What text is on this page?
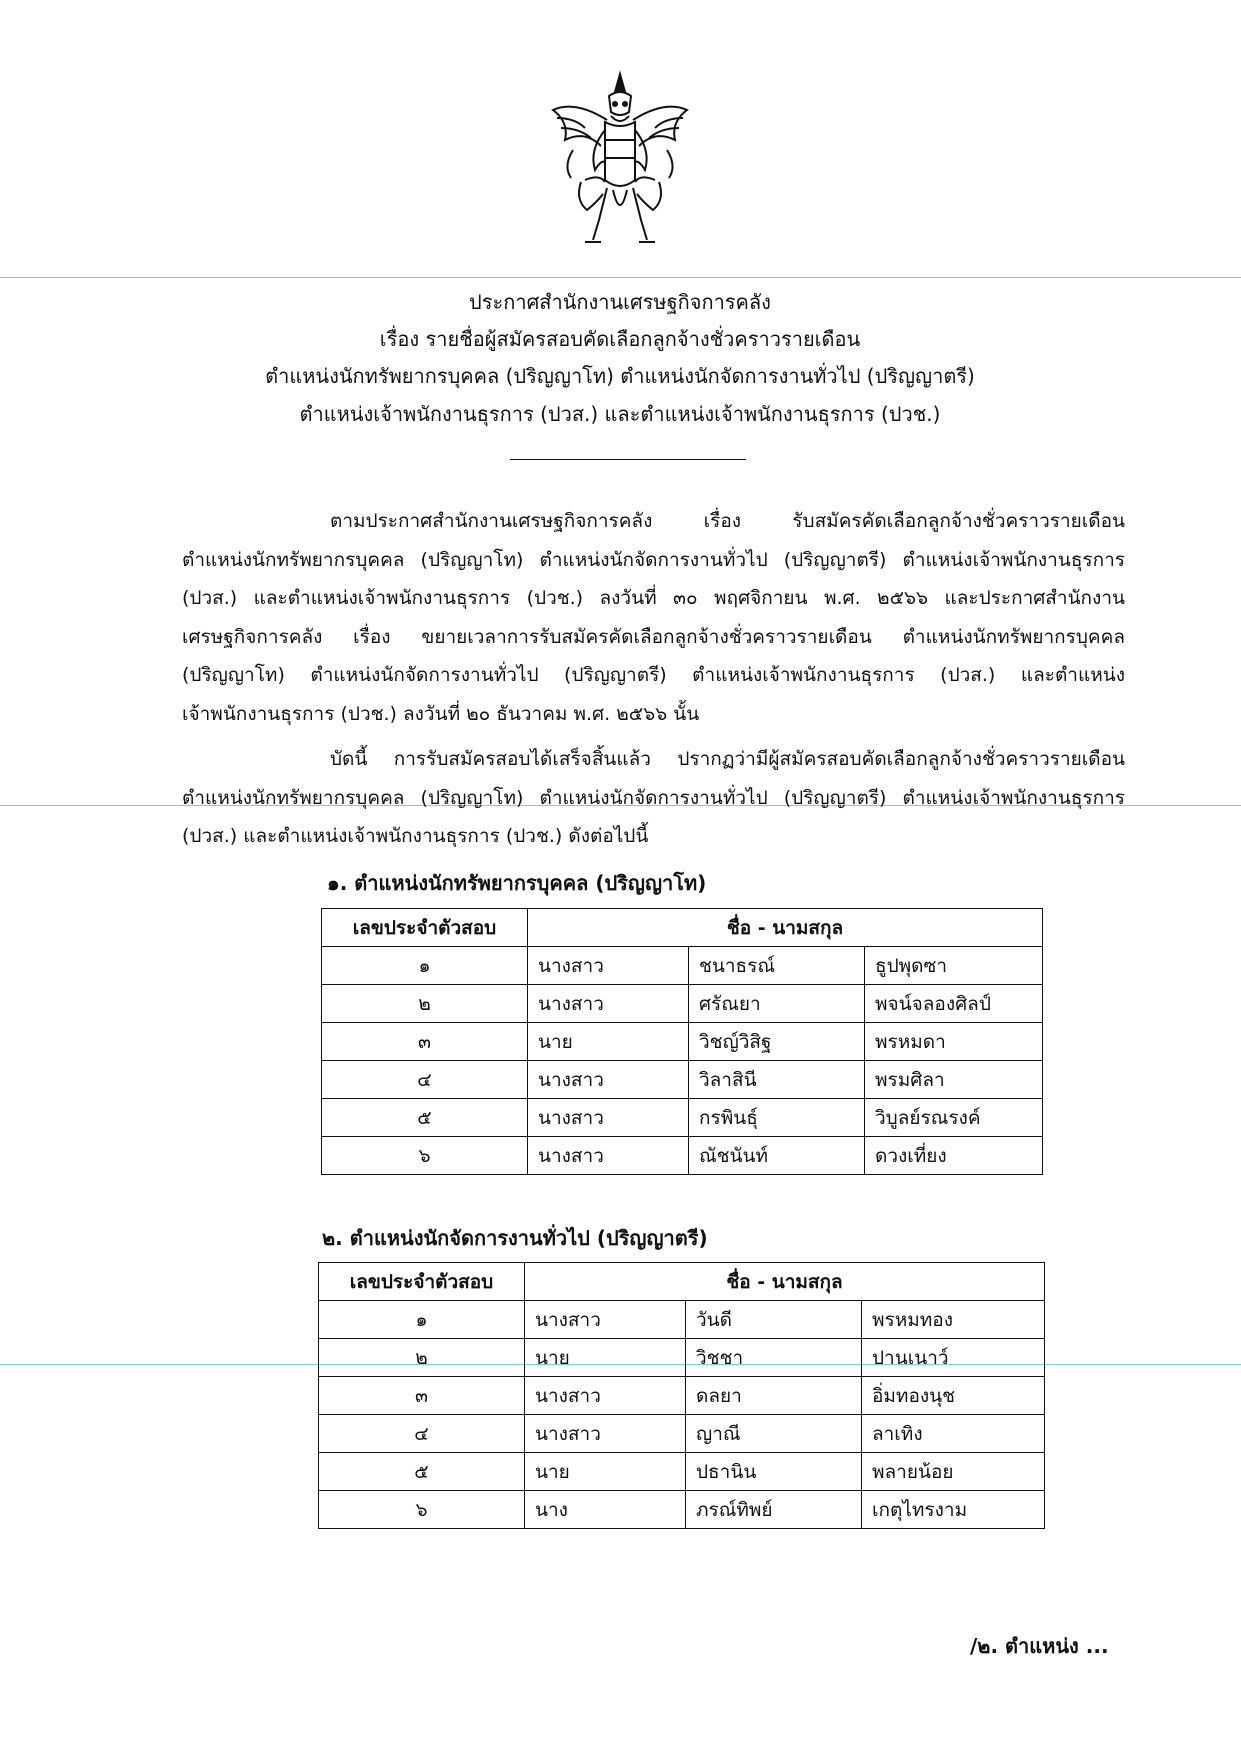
ประกาศสำนักงานเศรษฐกิจการคลัง
เรื่อง รายชื่อผู้สมัครสอบคัดเลือกลูกจ้างชั่วคราวรายเดือน
ตำแหน่งนักทรัพยากรบุคคล (ปริญญาโท) ตำแหน่งนักจัดการงานทั่วไป (ปริญญาตรี)
ตำแหน่งเจ้าพนักงานธุรการ (ปวส.) และตำแหน่งเจ้าพนักงานธุรการ (ปวช.)
ตามประกาศสำนักงานเศรษฐกิจการคลัง เรื่อง รับสมัครคัดเลือกลูกจ้างชั่วคราวรายเดือน
ตำแหน่งนักทรัพยากรบุคคล (ปริญญาโท) ตำแหน่งนักจัดการงานทั่วไป (ปริญญาตรี) ตำแหน่งเจ้าพนักงานธุรการ
(ปวส.) และตำแหน่งเจ้าพนักงานธุรการ (ปวช.) ลงวันที่ ๓๐ พฤศจิกายน พ.ศ. ๒๕๖๖ และประกาศสำนักงาน
เศรษฐกิจการคลัง เรื่อง ขยายเวลาการรับสมัครคัดเลือกลูกจ้างชั่วคราวรายเดือน ตำแหน่งนักทรัพยากรบุคคล
(ปริญญาโท) ตำแหน่งนักจัดการงานทั่วไป (ปริญญาตรี) ตำแหน่งเจ้าพนักงานธุรการ (ปวส.) และตำแหน่ง
เจ้าพนักงานธุรการ (ปวช.) ลงวันที่ ๒๐ ธันวาคม พ.ศ. ๒๕๖๖ นั้น
บัดนี้ การรับสมัครสอบได้เสร็จสิ้นแล้ว ปรากฏว่ามีผู้สมัครสอบคัดเลือกลูกจ้างชั่วคราวรายเดือน
ตำแหน่งนักทรัพยากรบุคคล (ปริญญาโท) ตำแหน่งนักจัดการงานทั่วไป (ปริญญาตรี) ตำแหน่งเจ้าพนักงานธุรการ
(ปวส.) และตำแหน่งเจ้าพนักงานธุรการ (ปวช.) ดังต่อไปนี้
๑. ตำแหน่งนักทรัพยากรบุคคล (ปริญญาโท)
เลขประจำตัวสอบ	ชื่อ - นามสกุล		
๑	นางสาว	ชนาธรณ์	ธูปพุดซา
๒	นางสาว	ศรัณยา	พจน์จลองศิลป์
๓	นาย	วิชญ์วิสิฐ	พรหมดา
๔	นางสาว	วิลาสินี	พรมศิลา
๕	นางสาว	กรพินธุ์	วิบูลย์รณรงค์
๖	นางสาว	ณัชนันท์	ดวงเที่ยง
๒. ตำแหน่งนักจัดการงานทั่วไป (ปริญญาตรี)
เลขประจำตัวสอบ	ชื่อ - นามสกุล		
๑	นางสาว	วันดี	พรหมทอง
๒	นาย	วิชชา	ปานเนาว์
๓	นางสาว	ดลยา	อิ่มทองนุช
๔	นางสาว	ญาณี	ลาเทิง
๕	นาย	ปธานิน	พลายน้อย
๖	นาง	ภรณ์ทิพย์	เกตุไทรงาม
/๒. ตำแหน่ง ...
